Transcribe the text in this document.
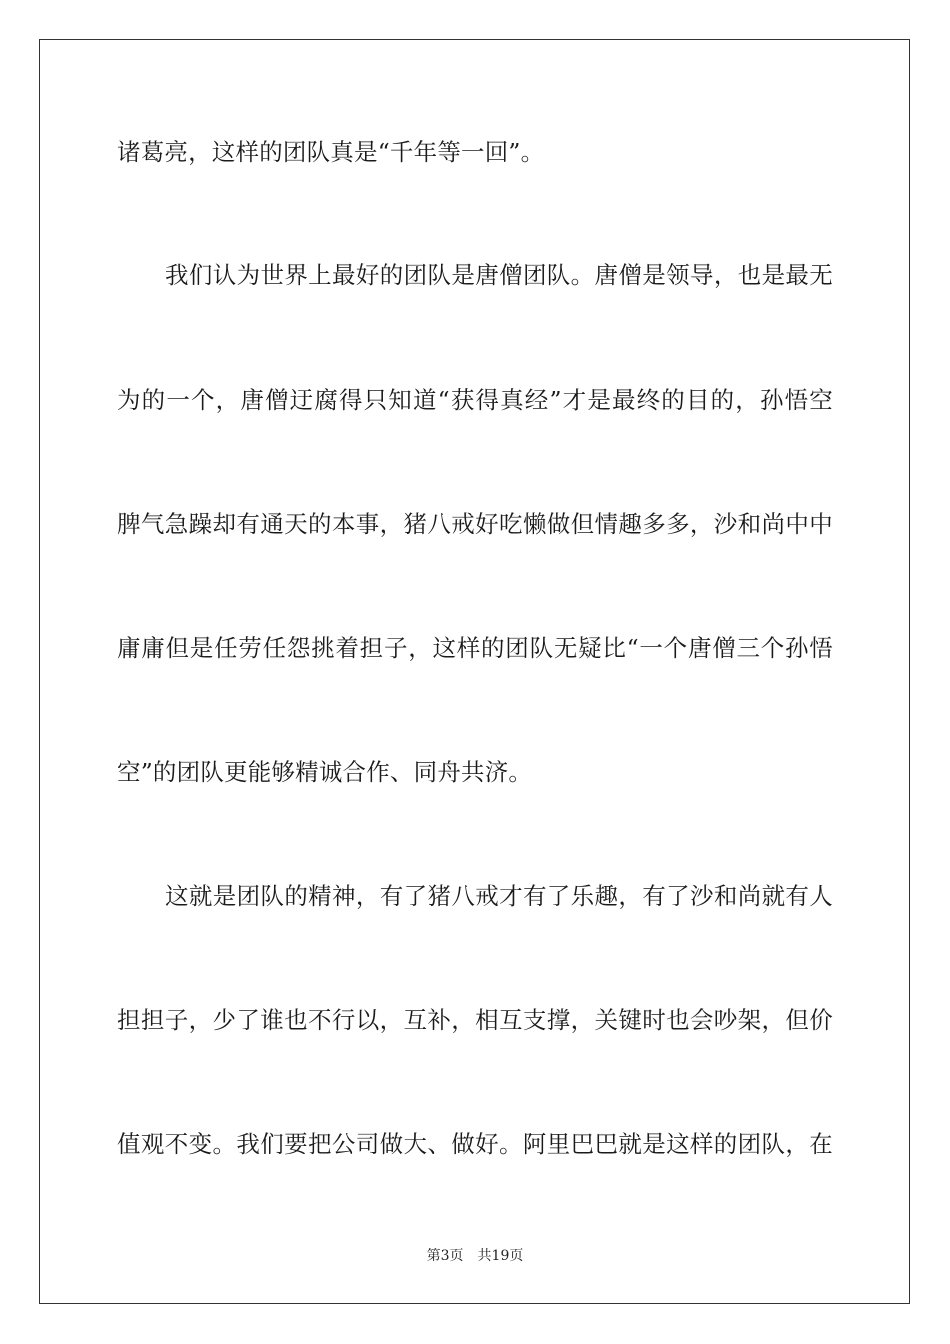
诸葛亮，这样的团队真是“千年等一回”。
我们认为世界上最好的团队是唐僧团队。唐僧是领导，也是最无
为的一个，唐僧迂腐得只知道“获得真经”才是最终的目的，孙悟空
脾气急躁却有通天的本事，猪八戒好吃懒做但情趣多多，沙和尚中中
庸庸但是任劳任怨挑着担子，这样的团队无疑比“一个唐僧三个孙悟
空”的团队更能够精诚合作、同舟共济。
这就是团队的精神，有了猪八戒才有了乐趣，有了沙和尚就有人
担担子，少了谁也不行以，互补，相互支撑，关键时也会吵架，但价
值观不变。我们要把公司做大、做好。阿里巴巴就是这样的团队，在
第3页 共19页
